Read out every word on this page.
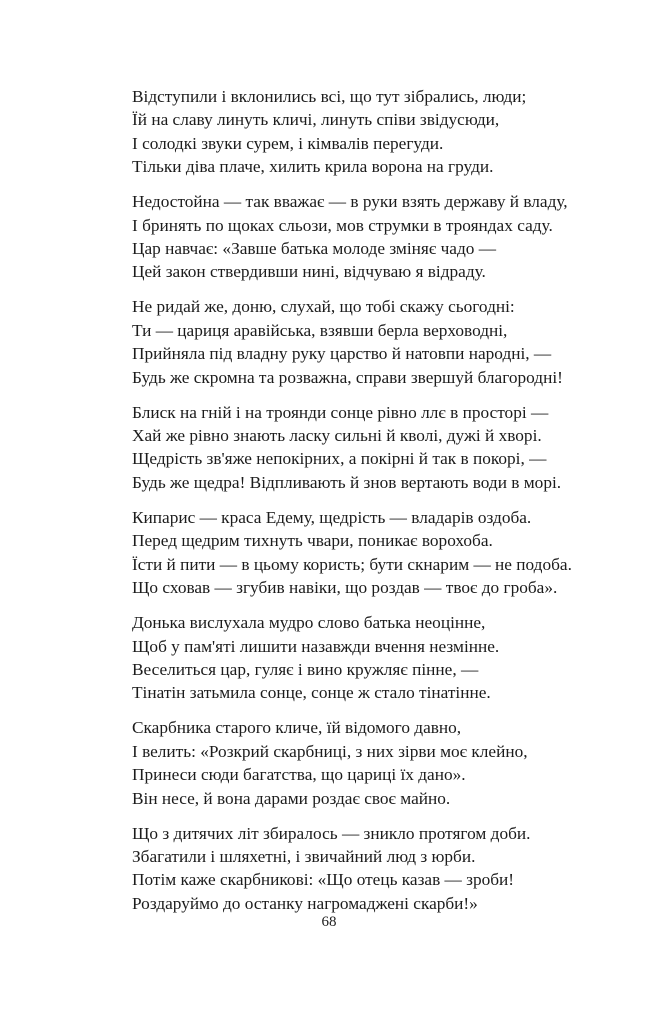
Відступили і вклонились всі, що тут зібрались, люди;
Їй на славу линуть кличі, линуть співи звідусюди,
І солодкі звуки сурем, і кімвалів перегуди.
Тільки діва плаче, хилить крила ворона на груди.
Недостойна — так вважає — в руки взять державу й владу,
І бринять по щоках сльози, мов струмки в трояндах саду.
Цар навчає: «Завше батька молоде зміняє чадо —
Цей закон ствердивши нині, відчуваю я відраду.
Не ридай же, доню, слухай, що тобі скажу сьогодні:
Ти — цариця аравійська, взявши берла верховодні,
Прийняла під владну руку царство й натовпи народні, —
Будь же скромна та розважна, справи звершуй благородні!
Блиск на гній і на троянди сонце рівно ллє в просторі —
Хай же рівно знають ласку сильні й кволі, дужі й хворі.
Щедрість зв'яже непокірних, а покірні й так в покорі, —
Будь же щедра! Відпливають й знов вертають води в морі.
Кипарис — краса Едему, щедрість — владарів оздоба.
Перед щедрим тихнуть чвари, поникає ворохоба.
Їсти й пити — в цьому користь; бути скнарим — не подоба.
Що сховав — згубив навіки, що роздав — твоє до гроба».
Донька вислухала мудро слово батька неоцінне,
Щоб у пам'яті лишити назавжди вчення незмінне.
Веселиться цар, гуляє і вино кружляє пінне, —
Тінатін затьмила сонце, сонце ж стало тінатінне.
Скарбника старого кличе, їй відомого давно,
І велить: «Розкрий скарбниці, з них зірви моє клейно,
Принеси сюди багатства, що цариці їх дано».
Він несе, й вона дарами роздає своє майно.
Що з дитячих літ збиралось — зникло протягом доби.
Збагатили і шляхетні, і звичайний люд з юрби.
Потім каже скарбникові: «Що отець казав — зроби!
Роздаруймо до останку нагромаджені скарби!»
68
